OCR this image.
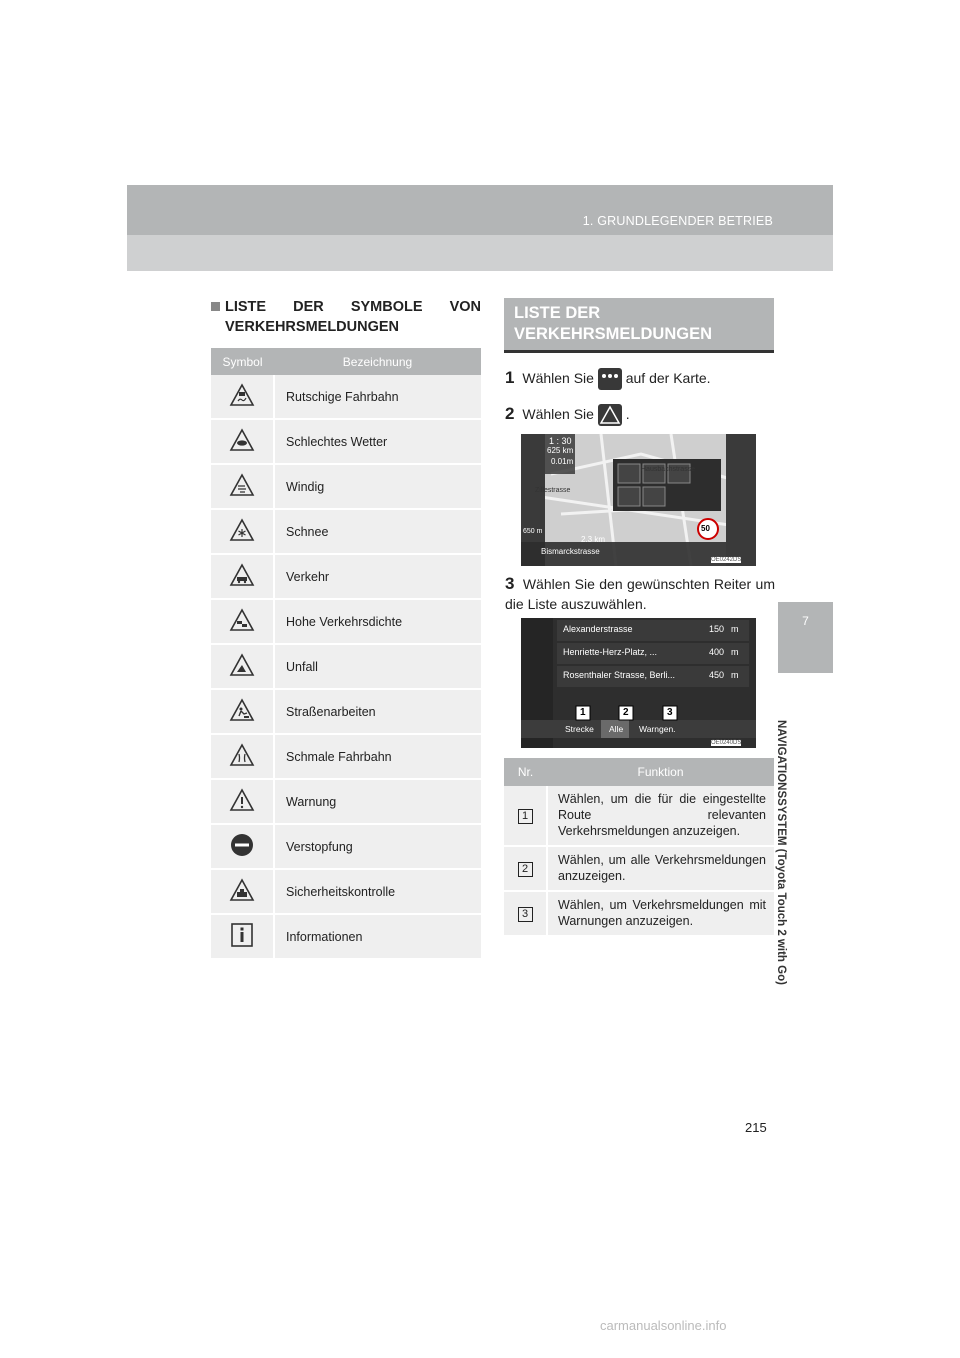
1. GRUNDLEGENDER BETRIEB
7
NAVIGATIONSSYSTEM (Toyota Touch 2 with Go)
LISTE DER SYMBOLE VON
VERKEHRSMELDUNGEN
Symbol	Bezeichnung
	Rutschige Fahrbahn
	Schlechtes Wetter
	Windig
	Schnee
	Verkehr
	Hohe Verkehrsdichte
	Unfall
	Straßenarbeiten
	Schmale Fahrbahn
	Warnung
	Verstopfung
	Sicherheitskontrolle
	Informationen
LISTE DER
VERKEHRSMELDUNGEN
1 Wählen Sie auf der Karte.
2 Wählen Sie .
1 : 30
625 km
0.01m
Hausbachstrasse
Zillestrasse
650 m
2.3 km
Bismarckstrasse
50
OE0242DS
3 Wählen Sie den gewünschten Reiter um die Liste auszuwählen.
Alexanderstrasse	150 m
Henriette-Herz-Platz, ...	400 m
Rosenthaler Strasse, Berli...	450 m
1	2	3
Strecke Alle Warngen.
OE0240DS
Nr.	Funktion
1	Wählen, um die für die eingestellte Route relevanten Verkehrsmeldungen anzuzeigen.
2	Wählen, um alle Verkehrsmeldungen anzuzeigen.
3	Wählen, um Verkehrsmeldungen mit Warnungen anzuzeigen.
215
carmanualsonline.info
